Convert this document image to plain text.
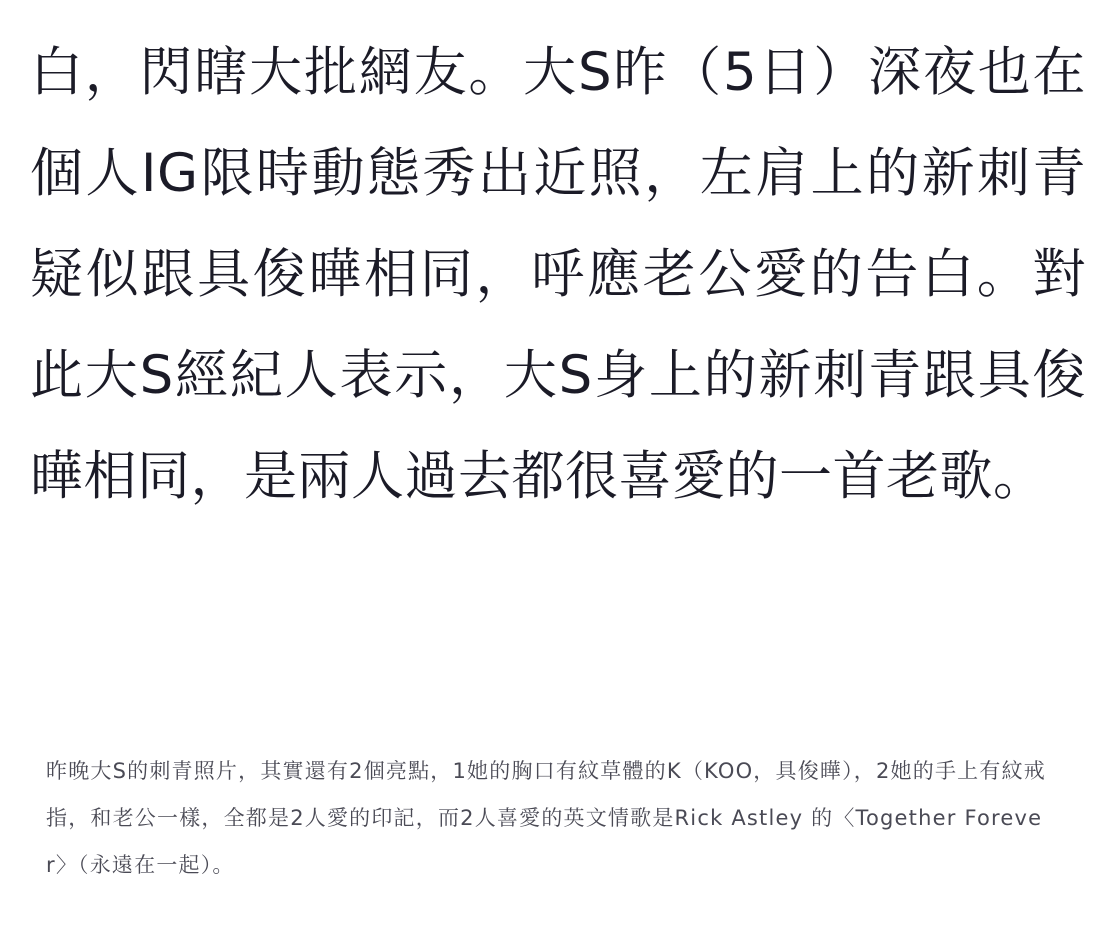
白，閃瞎大批網友。大S昨（5日）深夜也在個人IG限時動態秀出近照，左肩上的新刺青疑似跟具俊曄相同，呼應老公愛的告白。對此大S經紀人表示，大S身上的新刺青跟具俊曄相同，是兩人過去都很喜愛的一首老歌。

昨晚大S的刺青照片，其實還有2個亮點，1她的胸口有紋草體的K（KOO，具俊曄），2她的手上有紋戒指，和老公一樣，全都是2人愛的印記，而2人喜愛的英文情歌是Rick Astley 的〈Together Forever〉（永遠在一起）。
